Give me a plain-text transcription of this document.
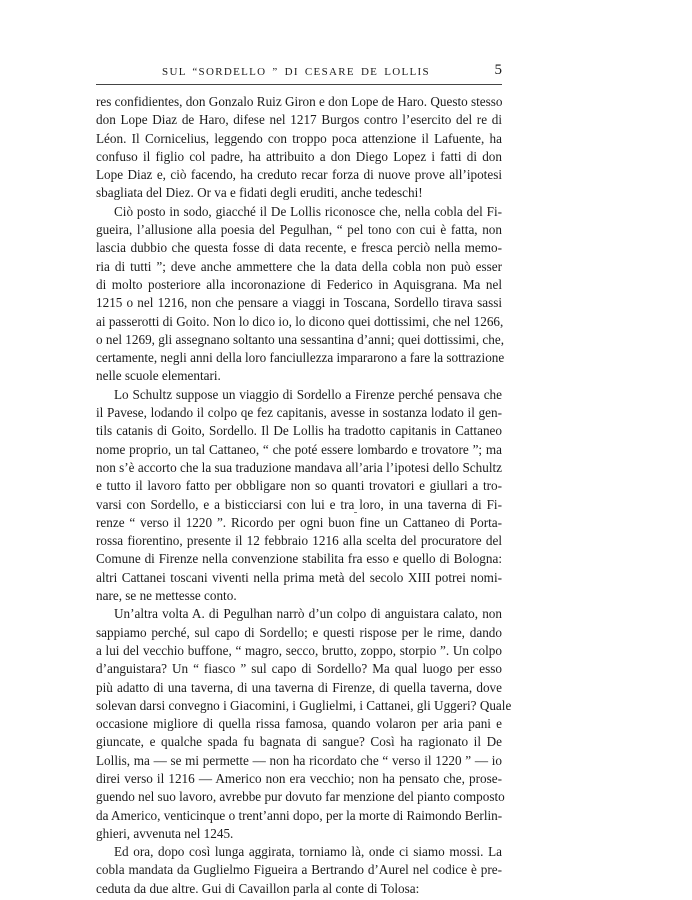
SUL “SORDELLO ” DI CESARE DE LOLLIS	5
res confidientes, don Gonzalo Ruiz Giron e don Lope de Haro. Questo stesso
don Lope Diaz de Haro, difese nel 1217 Burgos contro l’esercito del re di
Léon. Il Cornicelius, leggendo con troppo poca attenzione il Lafuente, ha
confuso il figlio col padre, ha attribuito a don Diego Lopez i fatti di don
Lope Diaz e, ciò facendo, ha creduto recar forza di nuove prove all’ipotesi
sbagliata del Diez. Or va e fidati degli eruditi, anche tedeschi!
Ciò posto in sodo, giacché il De Lollis riconosce che, nella cobla del Fi-
gueira, l’allusione alla poesia del Pegulhan, “ pel tono con cui è fatta, non
lascia dubbio che questa fosse di data recente, e fresca perciò nella memo-
ria di tutti ”; deve anche ammettere che la data della cobla non può esser
di molto posteriore alla incoronazione di Federico in Aquisgrana. Ma nel
1215 o nel 1216, non che pensare a viaggi in Toscana, Sordello tirava sassi
ai passerotti di Goito. Non lo dico io, lo dicono quei dottissimi, che nel 1266,
o nel 1269, gli assegnano soltanto una sessantina d’anni; quei dottissimi, che,
certamente, negli anni della loro fanciullezza impararono a fare la sottrazione
nelle scuole elementari.
Lo Schultz suppose un viaggio di Sordello a Firenze perché pensava che
il Pavese, lodando il colpo qe fez capitanis, avesse in sostanza lodato il gen-
tils catanis di Goito, Sordello. Il De Lollis ha tradotto capitanis in Cattaneo
nome proprio, un tal Cattaneo, “ che poté essere lombardo e trovatore ”; ma
non s’è accorto che la sua traduzione mandava all’aria l’ipotesi dello Schultz
e tutto il lavoro fatto per obbligare non so quanti trovatori e giullari a tro-
varsi con Sordello, e a bisticciarsi con lui e tra loro, in una taverna di Fi-
renze “ verso il 1220 ”. Ricordo per ogni buon fine un Cattaneo di Porta-
rossa fiorentino, presente il 12 febbraio 1216 alla scelta del procuratore del
Comune di Firenze nella convenzione stabilita fra esso e quello di Bologna:
altri Cattanei toscani viventi nella prima metà del secolo XIII potrei nomi-
nare, se ne mettesse conto.
Un’altra volta A. di Pegulhan narrò d’un colpo di anguistara calato, non
sappiamo perché, sul capo di Sordello; e questi rispose per le rime, dando
a lui del vecchio buffone, “ magro, secco, brutto, zoppo, storpio ”. Un colpo
d’anguistara? Un “ fiasco ” sul capo di Sordello? Ma qual luogo per esso
più adatto di una taverna, di una taverna di Firenze, di quella taverna, dove
solevan darsi convegno i Giacomini, i Guglielmi, i Cattanei, gli Uggeri? Quale
occasione migliore di quella rissa famosa, quando volaron per aria pani e
giuncate, e qualche spada fu bagnata di sangue? Così ha ragionato il De
Lollis, ma — se mi permette — non ha ricordato che “ verso il 1220 ” — io
direi verso il 1216 — Americo non era vecchio; non ha pensato che, prose-
guendo nel suo lavoro, avrebbe pur dovuto far menzione del pianto composto
da Americo, venticinque o trent’anni dopo, per la morte di Raimondo Berlin-
ghieri, avvenuta nel 1245.
Ed ora, dopo così lunga aggirata, torniamo là, onde ci siamo mossi. La
cobla mandata da Guglielmo Figueira a Bertrando d’Aurel nel codice è pre-
ceduta da due altre. Gui di Cavaillon parla al conte di Tolosa:
